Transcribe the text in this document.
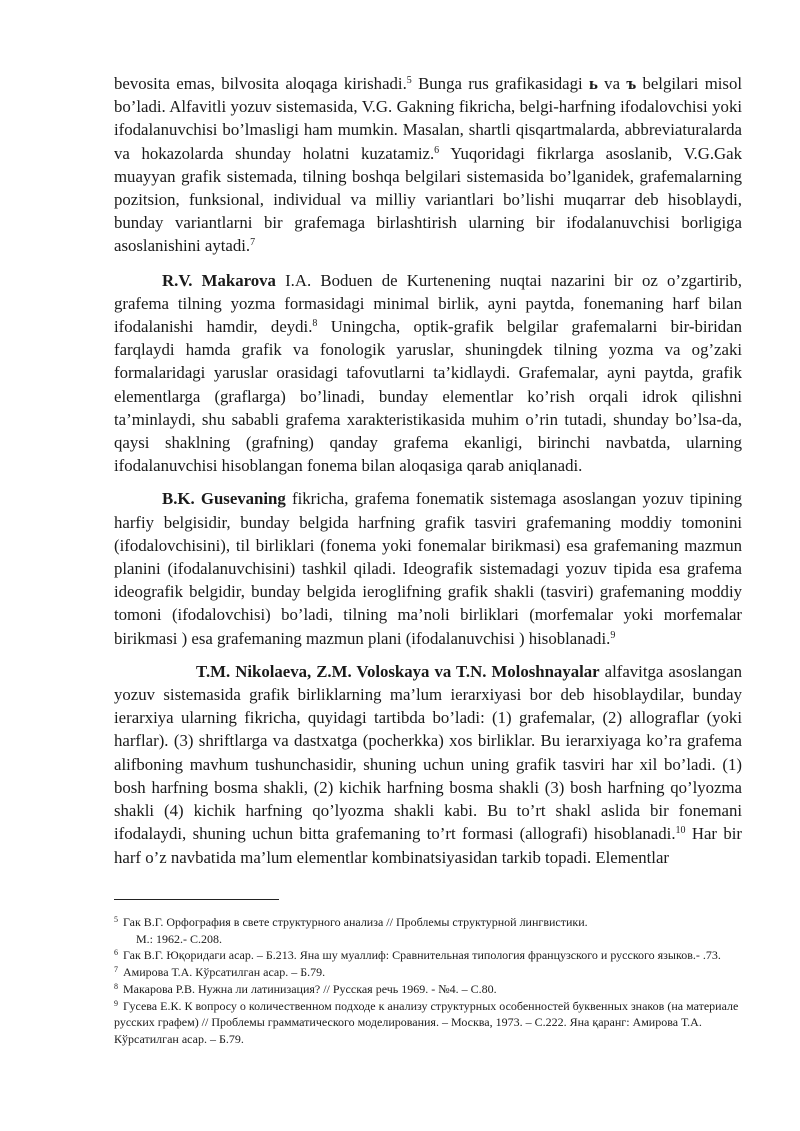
bevosita emas, bilvosita aloqaga kirishadi.$^5$ Bunga rus grafikasidagi ь va ъ belgilari misol bo’ladi. Alfavitli yozuv sistemasida, V.G. Gakning fikricha, belgi-harfning ifodalovchisi yoki ifodalanuvchisi bo’lmasligi ham mumkin. Masalan, shartli qisqartmalarda, abbreviaturalarda va hokazolarda shunday holatni kuzatamiz.$^6$ Yuqoridagi fikrlarga asoslanib, V.G.Gak muayyan grafik sistemada, tilning boshqa belgilari sistemasida bo’lganidek, grafemalarning pozitsion, funksional, individual va milliy variantlari bo’lishi muqarrar deb hisoblaydi, bunday variantlarni bir grafemaga birlashtirish ularning bir ifodalanuvchisi borligiga asoslanishini aytadi.$^7$

R.V. Makarova I.A. Boduen de Kurtenening nuqtai nazarini bir oz o’zgartirib, grafema tilning yozma formasidagi minimal birlik, ayni paytda, fonemaning harf bilan ifodalanishi hamdir, deydi.$^8$ Uningcha, optik-grafik belgilar grafemalarni bir-biridan farqlaydi hamda grafik va fonologik yaruslar, shuningdek tilning yozma va og’zaki formalaridagi yaruslar orasidagi tafovutlarni ta’kidlaydi. Grafemalar, ayni paytda, grafik elementlarga (graflarga) bo’linadi, bunday elementlar ko’rish orqali idrok qilishni ta’minlaydi, shu sababli grafema xarakteristikasida muhim o’rin tutadi, shunday bo’lsa-da, qaysi shaklning (grafning) qanday grafema ekanligi, birinchi navbatda, ularning ifodalanuvchisi hisoblangan fonema bilan aloqasiga qarab aniqlanadi.

B.K. Gusevaning fikricha, grafema fonematik sistemaga asoslangan yozuv tipining harfiy belgisidir, bunday belgida harfning grafik tasviri grafemaning moddiy tomonini (ifodalovchisini), til birliklari (fonema yoki fonemalar birikmasi) esa grafemaning mazmun planini (ifodalanuvchisini) tashkil qiladi. Ideografik sistemadagi yozuv tipida esa grafema ideografik belgidir, bunday belgida ieroglifning grafik shakli (tasviri) grafemaning moddiy tomoni (ifodalovchisi) bo’ladi, tilning ma’noli birliklari (morfemalar yoki morfemalar birikmasi ) esa grafemaning mazmun plani (ifodalanuvchisi ) hisoblanadi.$^9$

T.M. Nikolaeva, Z.M. Voloskaya va T.N. Moloshnayalar alfavitga asoslangan yozuv sistemasida grafik birliklarning ma’lum ierarxiyasi bor deb hisoblaydilar, bunday ierarxiya ularning fikricha, quyidagi tartibda bo’ladi: (1) grafemalar, (2) allograflar (yoki harflar). (3) shriftlarga va dastxatga (pocherkka) xos birliklar. Bu ierarxiyaga ko’ra grafema alifboning mavhum tushunchasidir, shuning uchun uning grafik tasviri har xil bo’ladi. (1) bosh harfning bosma shakli, (2) kichik harfning bosma shakli (3) bosh harfning qo’lyozma shakli (4) kichik harfning qo’lyozma shakli kabi. Bu to’rt shakl aslida bir fonemani ifodalaydi, shuning uchun bitta grafemaning to’rt formasi (allografi) hisoblanadi.$^{10}$ Har bir harf o’z navbatida ma’lum elementlar kombinatsiyasidan tarkib topadi. Elementlar

$^5$ Гак В.Г. Орфография в свете структурного анализа // Проблемы структурной лингвистики.
М.: 1962.- С.208.

$^6$ Гак В.Г. Юқоридаги асар. – Б.213. Яна шу муаллиф: Сравнительная типология французского и русского языков.- .73.

$^7$ Амирова Т.А. Кўрсатилган асар. – Б.79.

$^8$ Макарова Р.В. Нужна ли латинизация? // Русская речь 1969. - №4. – С.80.

$^9$ Гусева Е.К. К вопросу о количественном подходе к анализу структурных особенностей буквенных знаков (на материале русских графем) // Проблемы грамматического моделирования. – Москва, 1973. – С.222. Яна қаранг: Амирова Т.А. Кўрсатилган асар. – Б.79.
